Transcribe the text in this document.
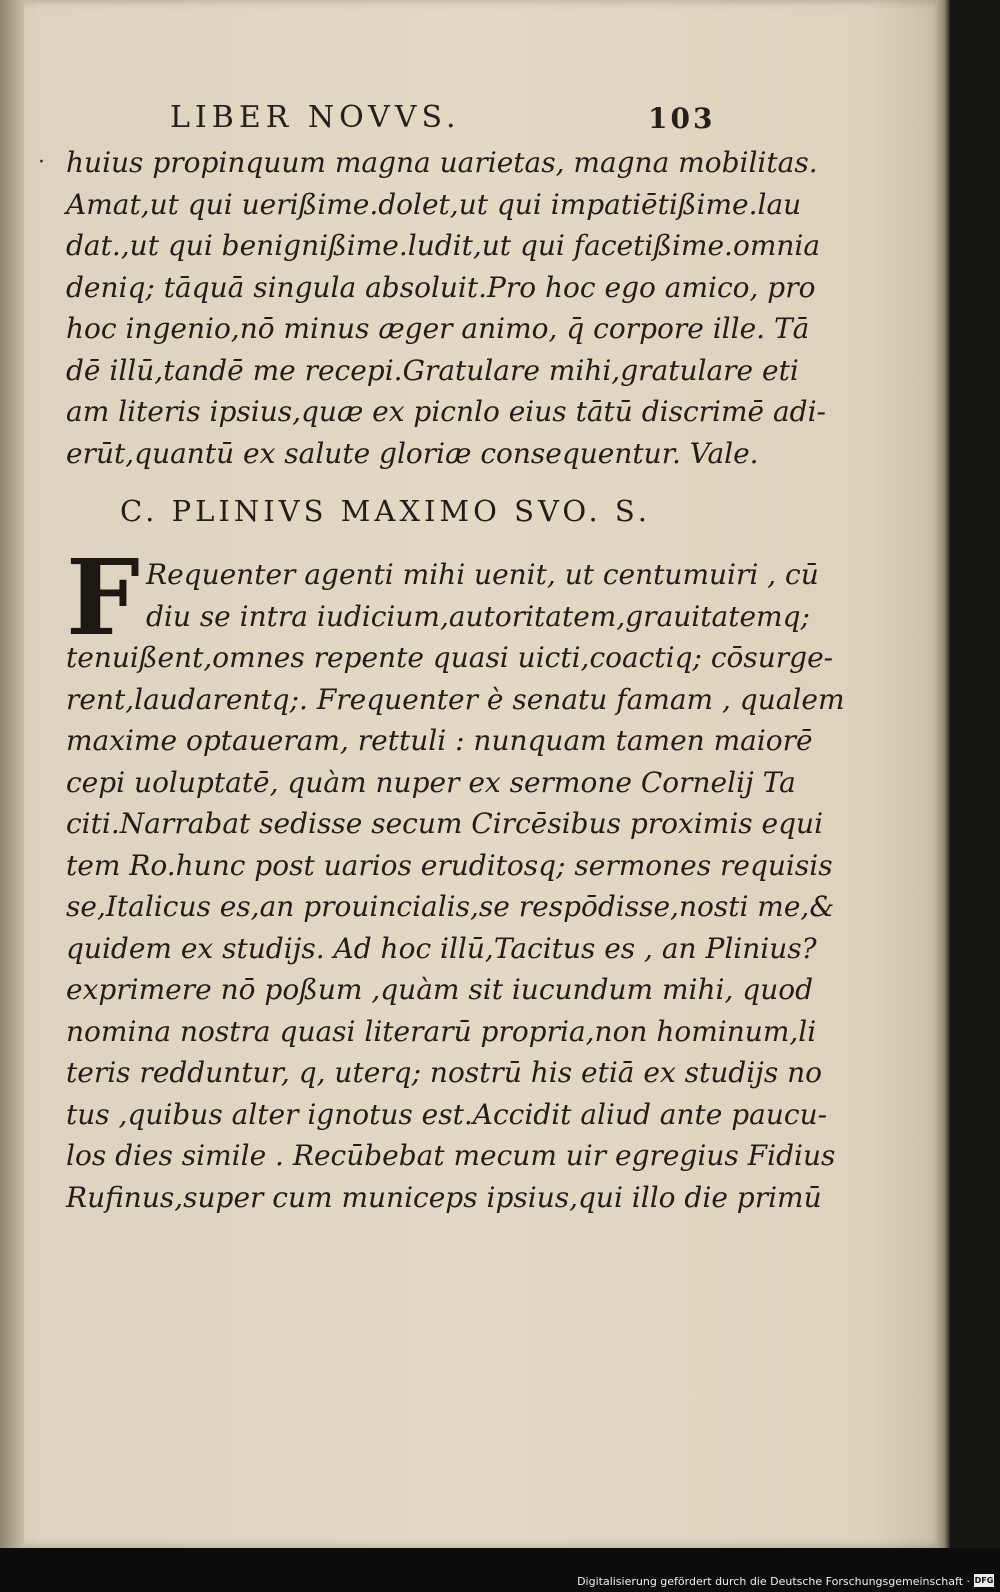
LIBER NOVVS.	103
· huius propinquum magna uarietas, magna mobilitas.
Amat,ut qui uerißime.dolet,ut qui impatiētißime.lau
dat.,ut qui benignißime.ludit,ut qui facetißime.omnia
deniq; tāquā singula absoluit.Pro hoc ego amico, pro
hoc ingenio,nō minus æger animo, q̄ corpore ille. Tā
dē illū,tandē me recepi.Gratulare mihi,gratulare eti
am literis ipsius,quæ ex picnlo eius tātū discrimē adi-
erūt,quantū ex salute gloriæ consequentur. Vale.
C. PLINIVS MAXIMO SVO. S.
F Requenter agenti mihi uenit, ut centumuiri , cū
diu se intra iudicium,autoritatem,grauitatemq;
tenuißent,omnes repente quasi uicti,coactiq; cōsurge-
rent,laudarentq;. Frequenter è senatu famam , qualem
maxime optaueram, rettuli : nunquam tamen maiorē
cepi uoluptatē, quàm nuper ex sermone Cornelij Ta
citi.Narrabat sedisse secum Circēsibus proximis equi
tem Ro.hunc post uarios eruditosq; sermones requisis
se,Italicus es,an prouincialis,se respōdisse,nosti me,&
quidem ex studijs. Ad hoc illū,Tacitus es , an Plinius?
exprimere nō poßum ,quàm sit iucundum mihi, quod
nomina nostra quasi literarū propria,non hominum,li
teris redduntur, q, uterq; nostrū his etiā ex studijs no
tus ,quibus alter ignotus est.Accidit aliud ante paucu-
los dies simile . Recūbebat mecum uir egregius Fidius
Rufinus,super cum municeps ipsius,qui illo die primū
Digitalisierung gefördert durch die Deutsche Forschungsgemeinschaft · DFG
